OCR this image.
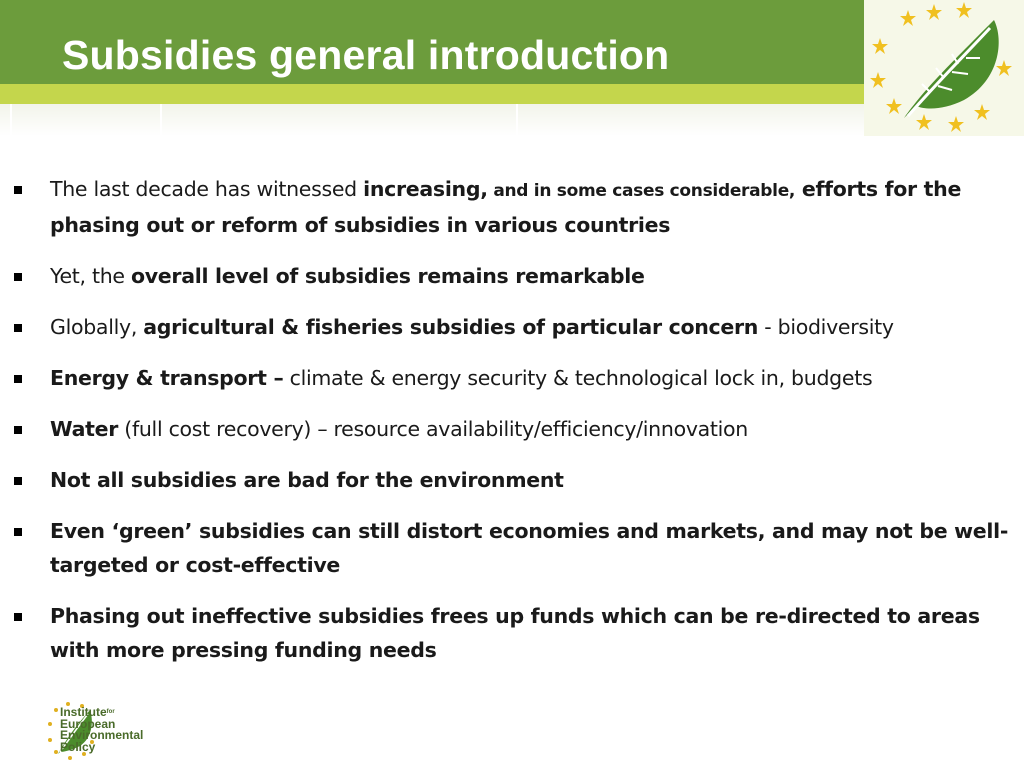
Subsidies general introduction
The last decade has witnessed increasing, and in some cases considerable, efforts for the phasing out or reform of subsidies in various countries
Yet, the overall level of subsidies remains remarkable
Globally, agricultural & fisheries subsidies of particular concern - biodiversity
Energy & transport – climate & energy security & technological lock in, budgets
Water (full cost recovery) – resource availability/efficiency/innovation
Not all subsidies are bad for the environment
Even ‘green’ subsidies can still distort economies and markets, and may not be well-targeted or cost-effective
Phasing out ineffective subsidies frees up funds which can be re-directed to areas with more pressing funding needs
Institute$^{for}$
European
Environmental
Policy
